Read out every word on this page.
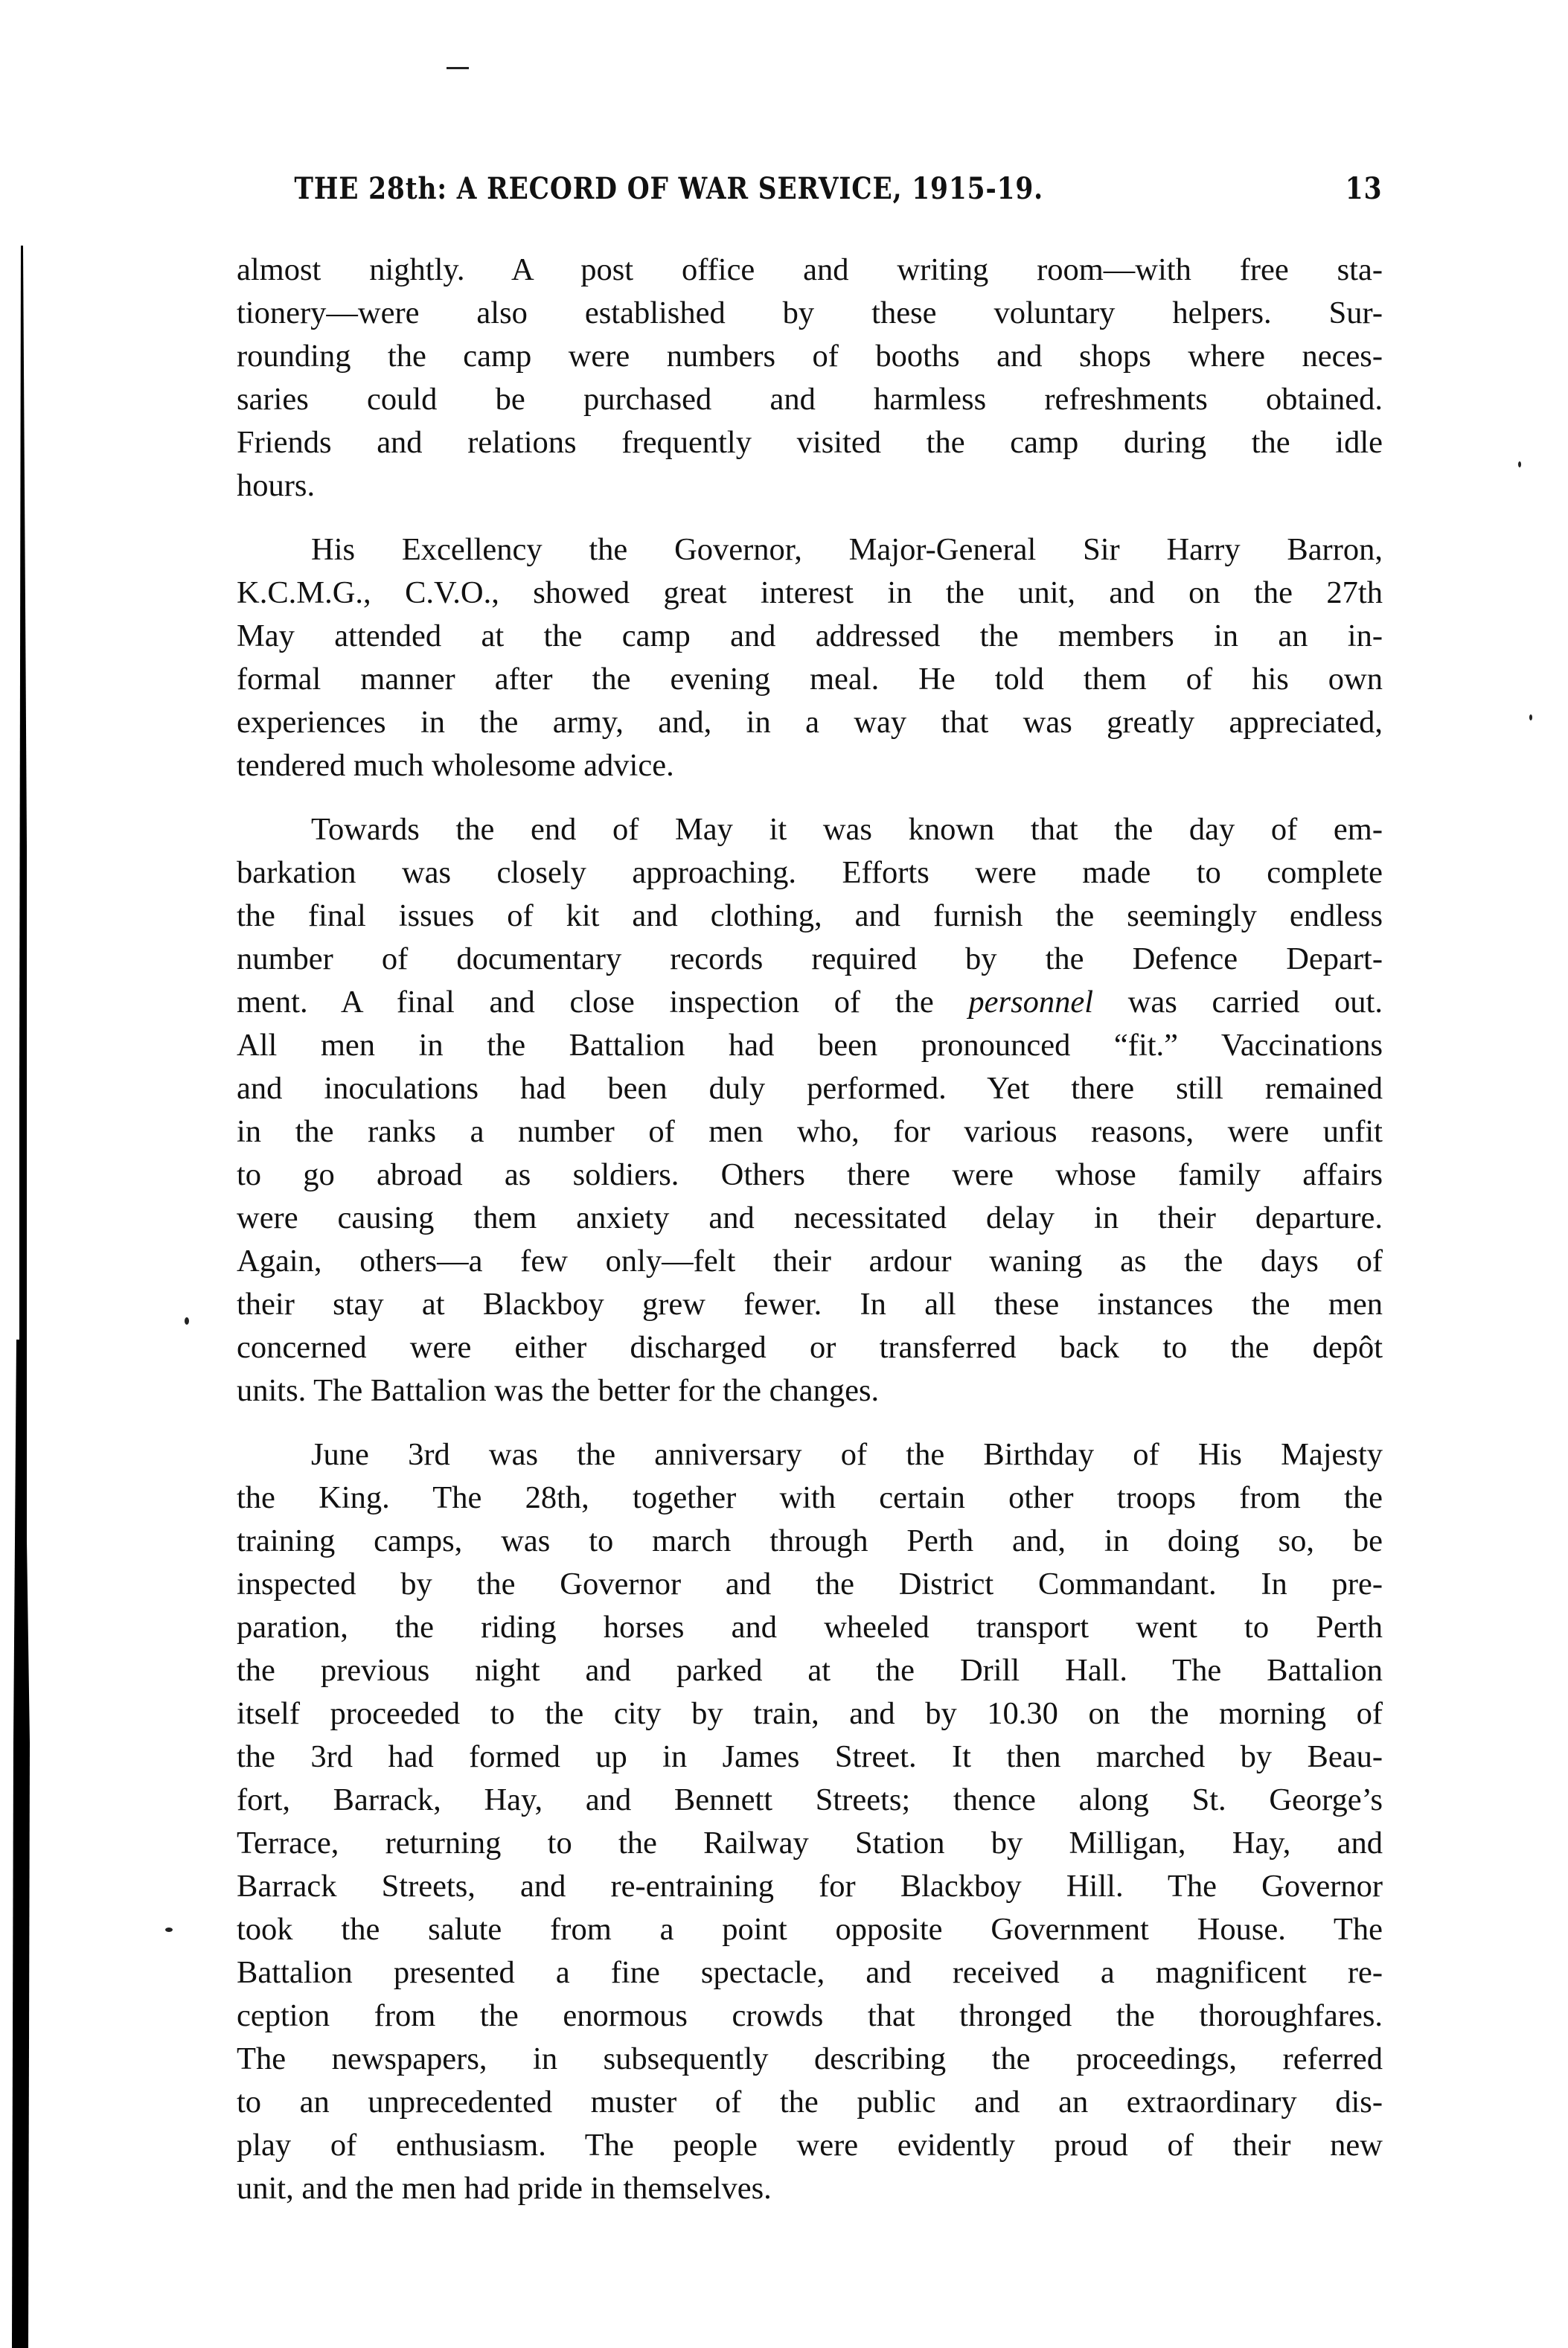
THE 28th: A RECORD OF WAR SERVICE, 1915-19.	13

almost nightly. A post office and writing room—with free sta-
tionery—were also established by these voluntary helpers. Sur-
rounding the camp were numbers of booths and shops where neces-
saries could be purchased and harmless refreshments obtained.
Friends and relations frequently visited the camp during the idle
hours.

His Excellency the Governor, Major-General Sir Harry Barron,
K.C.M.G., C.V.O., showed great interest in the unit, and on the 27th
May attended at the camp and addressed the members in an in-
formal manner after the evening meal. He told them of his own
experiences in the army, and, in a way that was greatly appreciated,
tendered much wholesome advice.

Towards the end of May it was known that the day of em-
barkation was closely approaching. Efforts were made to complete
the final issues of kit and clothing, and furnish the seemingly endless
number of documentary records required by the Defence Depart-
ment. A final and close inspection of the personnel was carried out.
All men in the Battalion had been pronounced “fit.” Vaccinations
and inoculations had been duly performed. Yet there still remained
in the ranks a number of men who, for various reasons, were unfit
to go abroad as soldiers. Others there were whose family affairs
were causing them anxiety and necessitated delay in their departure.
Again, others—a few only—felt their ardour waning as the days of
their stay at Blackboy grew fewer. In all these instances the men
concerned were either discharged or transferred back to the depôt
units. The Battalion was the better for the changes.

June 3rd was the anniversary of the Birthday of His Majesty
the King. The 28th, together with certain other troops from the
training camps, was to march through Perth and, in doing so, be
inspected by the Governor and the District Commandant. In pre-
paration, the riding horses and wheeled transport went to Perth
the previous night and parked at the Drill Hall. The Battalion
itself proceeded to the city by train, and by 10.30 on the morning of
the 3rd had formed up in James Street. It then marched by Beau-
fort, Barrack, Hay, and Bennett Streets; thence along St. George’s
Terrace, returning to the Railway Station by Milligan, Hay, and
Barrack Streets, and re-entraining for Blackboy Hill. The Governor
took the salute from a point opposite Government House. The
Battalion presented a fine spectacle, and received a magnificent re-
ception from the enormous crowds that thronged the thoroughfares.
The newspapers, in subsequently describing the proceedings, referred
to an unprecedented muster of the public and an extraordinary dis-
play of enthusiasm. The people were evidently proud of their new
unit, and the men had pride in themselves.
